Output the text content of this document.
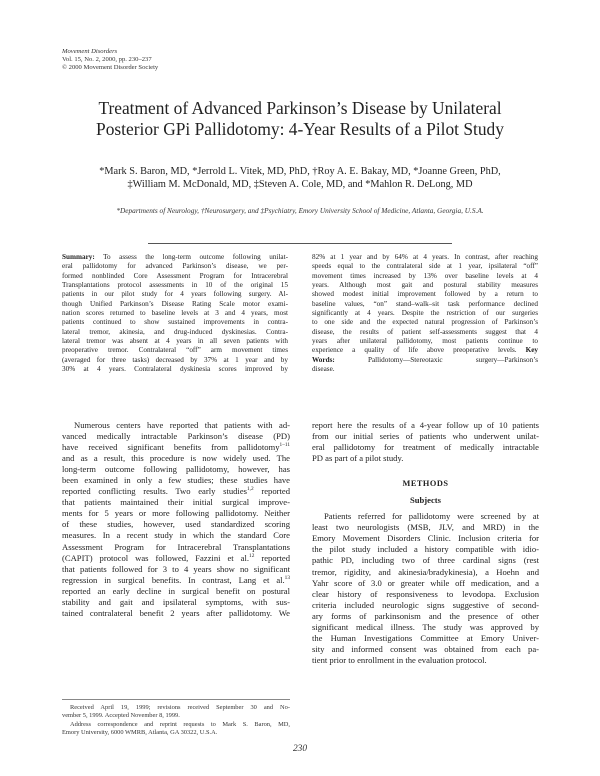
Movement Disorders
Vol. 15, No. 2, 2000, pp. 230–237
© 2000 Movement Disorder Society
Treatment of Advanced Parkinson’s Disease by Unilateral
Posterior GPi Pallidotomy: 4-Year Results of a Pilot Study
*Mark S. Baron, MD, *Jerrold L. Vitek, MD, PhD, †Roy A. E. Bakay, MD, *Joanne Green, PhD,
‡William M. McDonald, MD, ‡Steven A. Cole, MD, and *Mahlon R. DeLong, MD
*Departments of Neurology, †Neurosurgery, and ‡Psychiatry, Emory University School of Medicine, Atlanta, Georgia, U.S.A.
Summary: To assess the long-term outcome following unilat-
eral pallidotomy for advanced Parkinson’s disease, we per-
formed nonblinded Core Assessment Program for Intracerebral
Transplantations protocol assessments in 10 of the original 15
patients in our pilot study for 4 years following surgery. Al-
though Unified Parkinson’s Disease Rating Scale motor exami-
nation scores returned to baseline levels at 3 and 4 years, most
patients continued to show sustained improvements in contra-
lateral tremor, akinesia, and drug-induced dyskinesias. Contra-
lateral tremor was absent at 4 years in all seven patients with
preoperative tremor. Contralateral “off” arm movement times
(averaged for three tasks) decreased by 37% at 1 year and by
30% at 4 years. Contralateral dyskinesia scores improved by
82% at 1 year and by 64% at 4 years. In contrast, after reaching
speeds equal to the contralateral side at 1 year, ipsilateral “off”
movement times increased by 13% over baseline levels at 4
years. Although most gait and postural stability measures
showed modest initial improvement followed by a return to
baseline values, “on” stand–walk–sit task performance declined
significantly at 4 years. Despite the restriction of our surgeries
to one side and the expected natural progression of Parkinson’s
disease, the results of patient self-assessments suggest that 4
years after unilateral pallidotomy, most patients continue to
experience a quality of life above preoperative levels. Key
Words:	Pallidotomy—Stereotaxic surgery—Parkinson’s
disease.
Numerous centers have reported that patients with ad-
vanced medically intractable Parkinson’s disease (PD)
have received significant benefits from pallidotomy$^{1-11}$
and as a result, this procedure is now widely used. The
long-term outcome following pallidotomy, however, has
been examined in only a few studies; these studies have
reported conflicting results. Two early studies$^{1,2}$ reported
that patients maintained their initial surgical improve-
ments for 5 years or more following pallidotomy. Neither
of these studies, however, used standardized scoring
measures. In a recent study in which the standard Core
Assessment Program for Intracerebral Transplantations
(CAPIT) protocol was followed, Fazzini et al.$^{12}$ reported
that patients followed for 3 to 4 years show no significant
regression in surgical benefits. In contrast, Lang et al.$^{13}$
reported an early decline in surgical benefit on postural
stability and gait and ipsilateral symptoms, with sus-
tained contralateral benefit 2 years after pallidotomy. We
report here the results of a 4-year follow up of 10 patients
from our initial series of patients who underwent unilat-
eral pallidotomy for treatment of medically intractable
PD as part of a pilot study.
METHODS
Subjects
Patients referred for pallidotomy were screened by at
least two neurologists (MSB, JLV, and MRD) in the
Emory Movement Disorders Clinic. Inclusion criteria for
the pilot study included a history compatible with idio-
pathic PD, including two of three cardinal signs (rest
tremor, rigidity, and akinesia/bradykinesia), a Hoehn and
Yahr score of 3.0 or greater while off medication, and a
clear history of responsiveness to levodopa. Exclusion
criteria included neurologic signs suggestive of second-
ary forms of parkinsonism and the presence of other
significant medical illness. The study was approved by
the Human Investigations Committee at Emory Univer-
sity and informed consent was obtained from each pa-
tient prior to enrollment in the evaluation protocol.
Received April 19, 1999; revisions received September 30 and No-
vember 5, 1999. Accepted November 8, 1999.
Address correspondence and reprint requests to Mark S. Baron, MD,
Emory University, 6000 WMRB, Atlanta, GA 30322, U.S.A.
230
